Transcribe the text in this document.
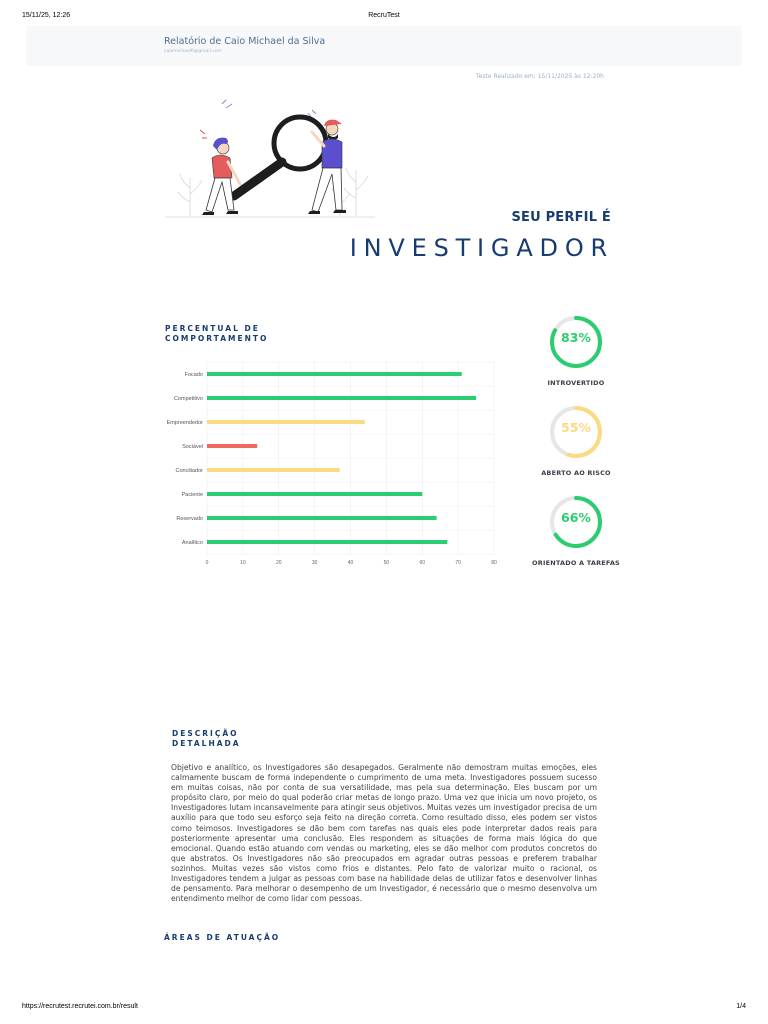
15/11/25, 12:26	RecruTest
Relatório de Caio Michael da Silva
caiomichael0@gmail.com
Teste Realizado em: 15/11/2025 às 12:20h
SEU PERFIL É
INVESTIGADOR
PERCENTUAL DE COMPORTAMENTO
0	10	20	30	40	50	60	70	80
Focado
Competitivo
Empreendedor
Sociável
Conciliador
Paciente
Reservado
Analítico
83%
INTROVERTIDO
55%
ABERTO AO RISCO
66%
ORIENTADO A TAREFAS
DESCRIÇÃO DETALHADA
Objetivo e analítico, os Investigadores são desapegados. Geralmente não demostram muitas emoções, eles calmamente buscam de forma independente o cumprimento de uma meta. Investigadores possuem sucesso em muitas coisas, não por conta de sua versatilidade, mas pela sua determinação. Eles buscam por um propósito claro, por meio do qual poderão criar metas de longo prazo. Uma vez que inicia um novo projeto, os Investigadores lutam incansavelmente para atingir seus objetivos. Muitas vezes um investigador precisa de um auxílio para que todo seu esforço seja feito na direção correta. Como resultado disso, eles podem ser vistos como teimosos. Investigadores se dão bem com tarefas nas quais eles pode interpretar dados reais para posteriormente apresentar uma conclusão. Eles respondem as situações de forma mais lógica do que emocional. Quando estão atuando com vendas ou marketing, eles se dão melhor com produtos concretos do que abstratos. Os Investigadores não são preocupados em agradar outras pessoas e preferem trabalhar sozinhos. Muitas vezes são vistos como frios e distantes. Pelo fato de valorizar muito o racional, os Investigadores tendem a julgar as pessoas com base na habilidade delas de utilizar fatos e desenvolver linhas de pensamento. Para melhorar o desempenho de um Investigador, é necessário que o mesmo desenvolva um entendimento melhor de como lidar com pessoas.
ÁREAS DE ATUAÇÃO
https://recrutest.recrutei.com.br/result	1/4
